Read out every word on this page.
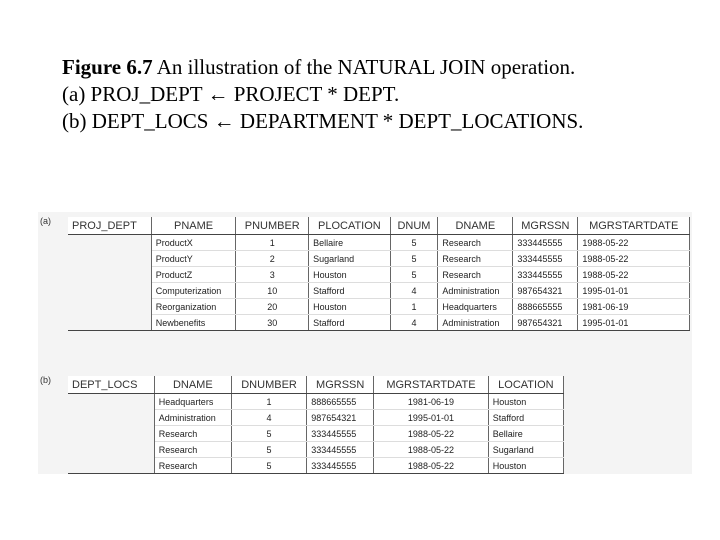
Figure 6.7 An illustration of the NATURAL JOIN operation.
(a) PROJ_DEPT ← PROJECT * DEPT.
(b) DEPT_LOCS ← DEPARTMENT * DEPT_LOCATIONS.
(a) PROJ_DEPT	PNAME	PNUMBER	PLOCATION	DNUM	DNAME	MGRSSN	MGRSTARTDATE
	ProductX	1	Bellaire	5	Research	333445555	1988-05-22
	ProductY	2	Sugarland	5	Research	333445555	1988-05-22
	ProductZ	3	Houston	5	Research	333445555	1988-05-22
	Computerization	10	Stafford	4	Administration	987654321	1995-01-01
	Reorganization	20	Houston	1	Headquarters	888665555	1981-06-19
	Newbenefits	30	Stafford	4	Administration	987654321	1995-01-01
(b) DEPT_LOCS	DNAME	DNUMBER	MGRSSN	MGRSTARTDATE	LOCATION
	Headquarters	1	888665555	1981-06-19	Houston
	Administration	4	987654321	1995-01-01	Stafford
	Research	5	333445555	1988-05-22	Bellaire
	Research	5	333445555	1988-05-22	Sugarland
	Research	5	333445555	1988-05-22	Houston
